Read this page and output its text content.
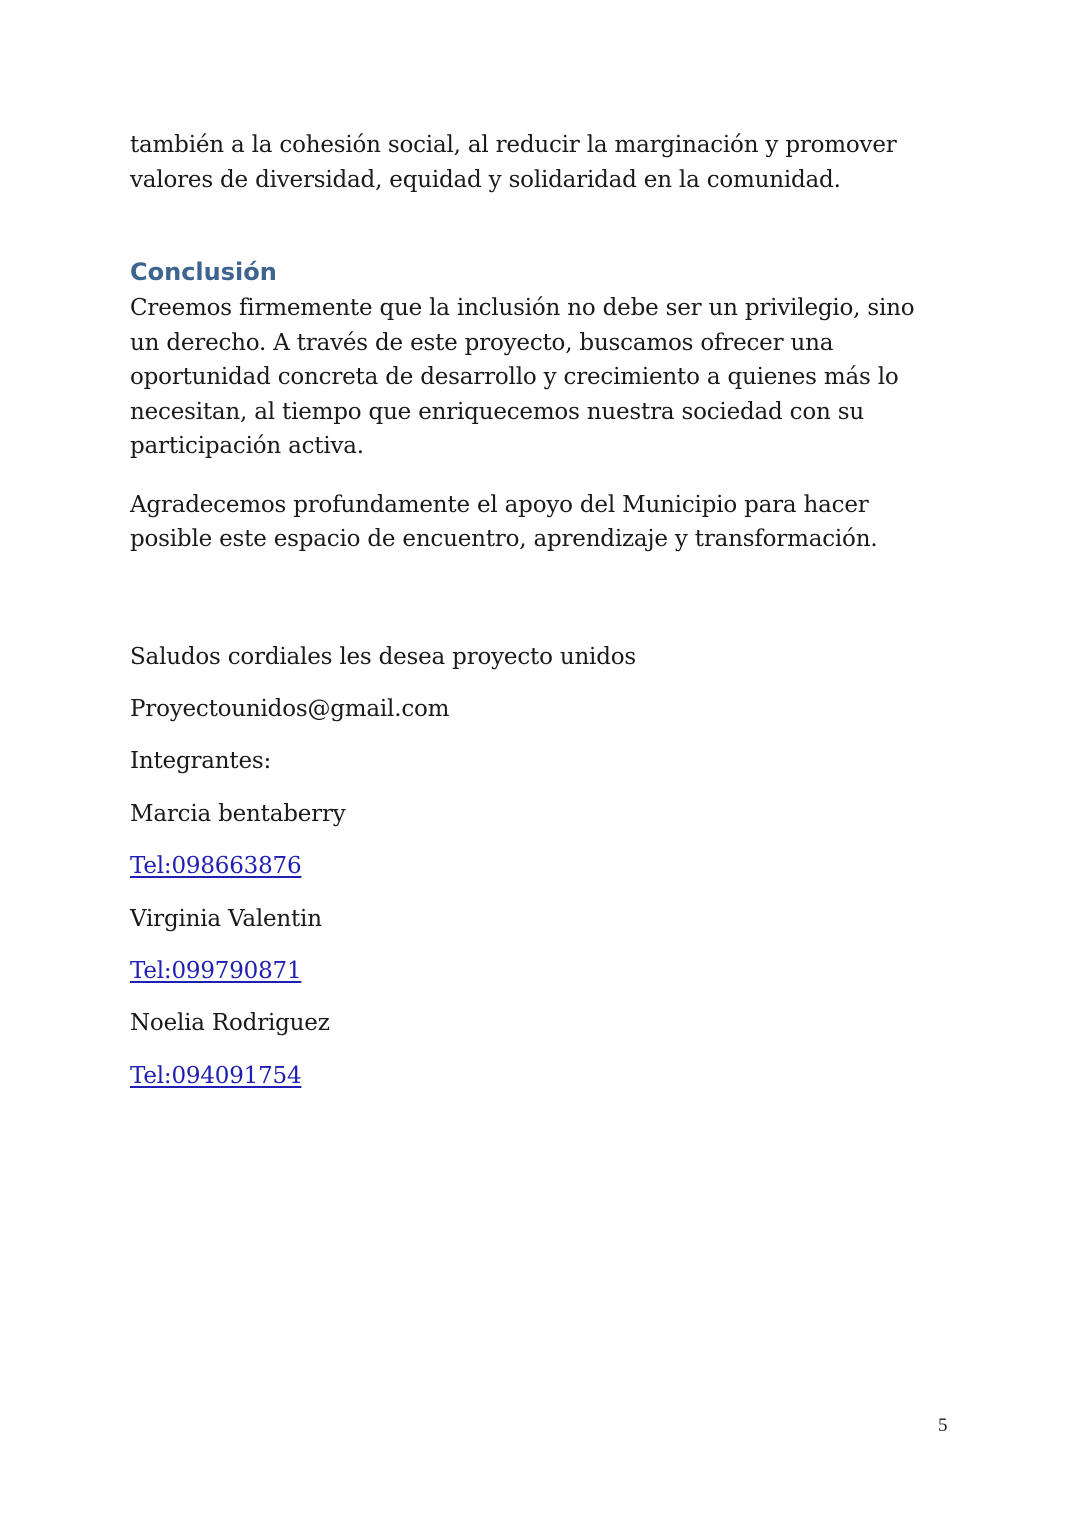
también a la cohesión social, al reducir la marginación y promover valores de diversidad, equidad y solidaridad en la comunidad.

Conclusión

Creemos firmemente que la inclusión no debe ser un privilegio, sino un derecho. A través de este proyecto, buscamos ofrecer una oportunidad concreta de desarrollo y crecimiento a quienes más lo necesitan, al tiempo que enriquecemos nuestra sociedad con su participación activa.

Agradecemos profundamente el apoyo del Municipio para hacer posible este espacio de encuentro, aprendizaje y transformación.

Saludos cordiales les desea proyecto unidos

Proyectounidos@gmail.com

Integrantes:

Marcia bentaberry

Tel:098663876

Virginia Valentin

Tel:099790871

Noelia Rodriguez

Tel:094091754

5
